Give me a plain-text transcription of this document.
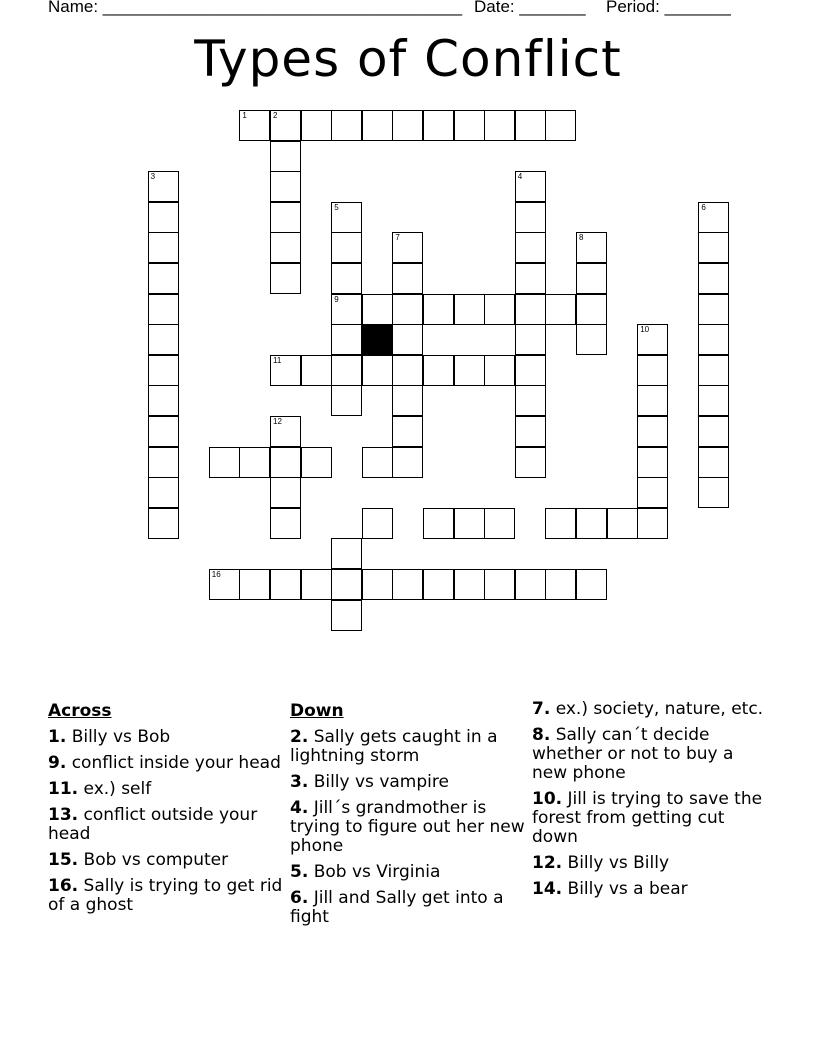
Name: ______________________________________ Date: _______ Period: _______
Types of Conflict
1	2
3	4
5
9
6
7	8
10
11
12
16
Across
1. Billy vs Bob
9. conflict inside your head
11. ex.) self
13. conflict outside your head
15. Bob vs computer
16. Sally is trying to get rid of a ghost
Down
2. Sally gets caught in a lightning storm
3. Billy vs vampire
4. Jill´s grandmother is trying to figure out her new phone
5. Bob vs Virginia
6. Jill and Sally get into a fight
7. ex.) society, nature, etc.
8. Sally can´t decide whether or not to buy a new phone
10. Jill is trying to save the forest from getting cut down
12. Billy vs Billy
14. Billy vs a bear
